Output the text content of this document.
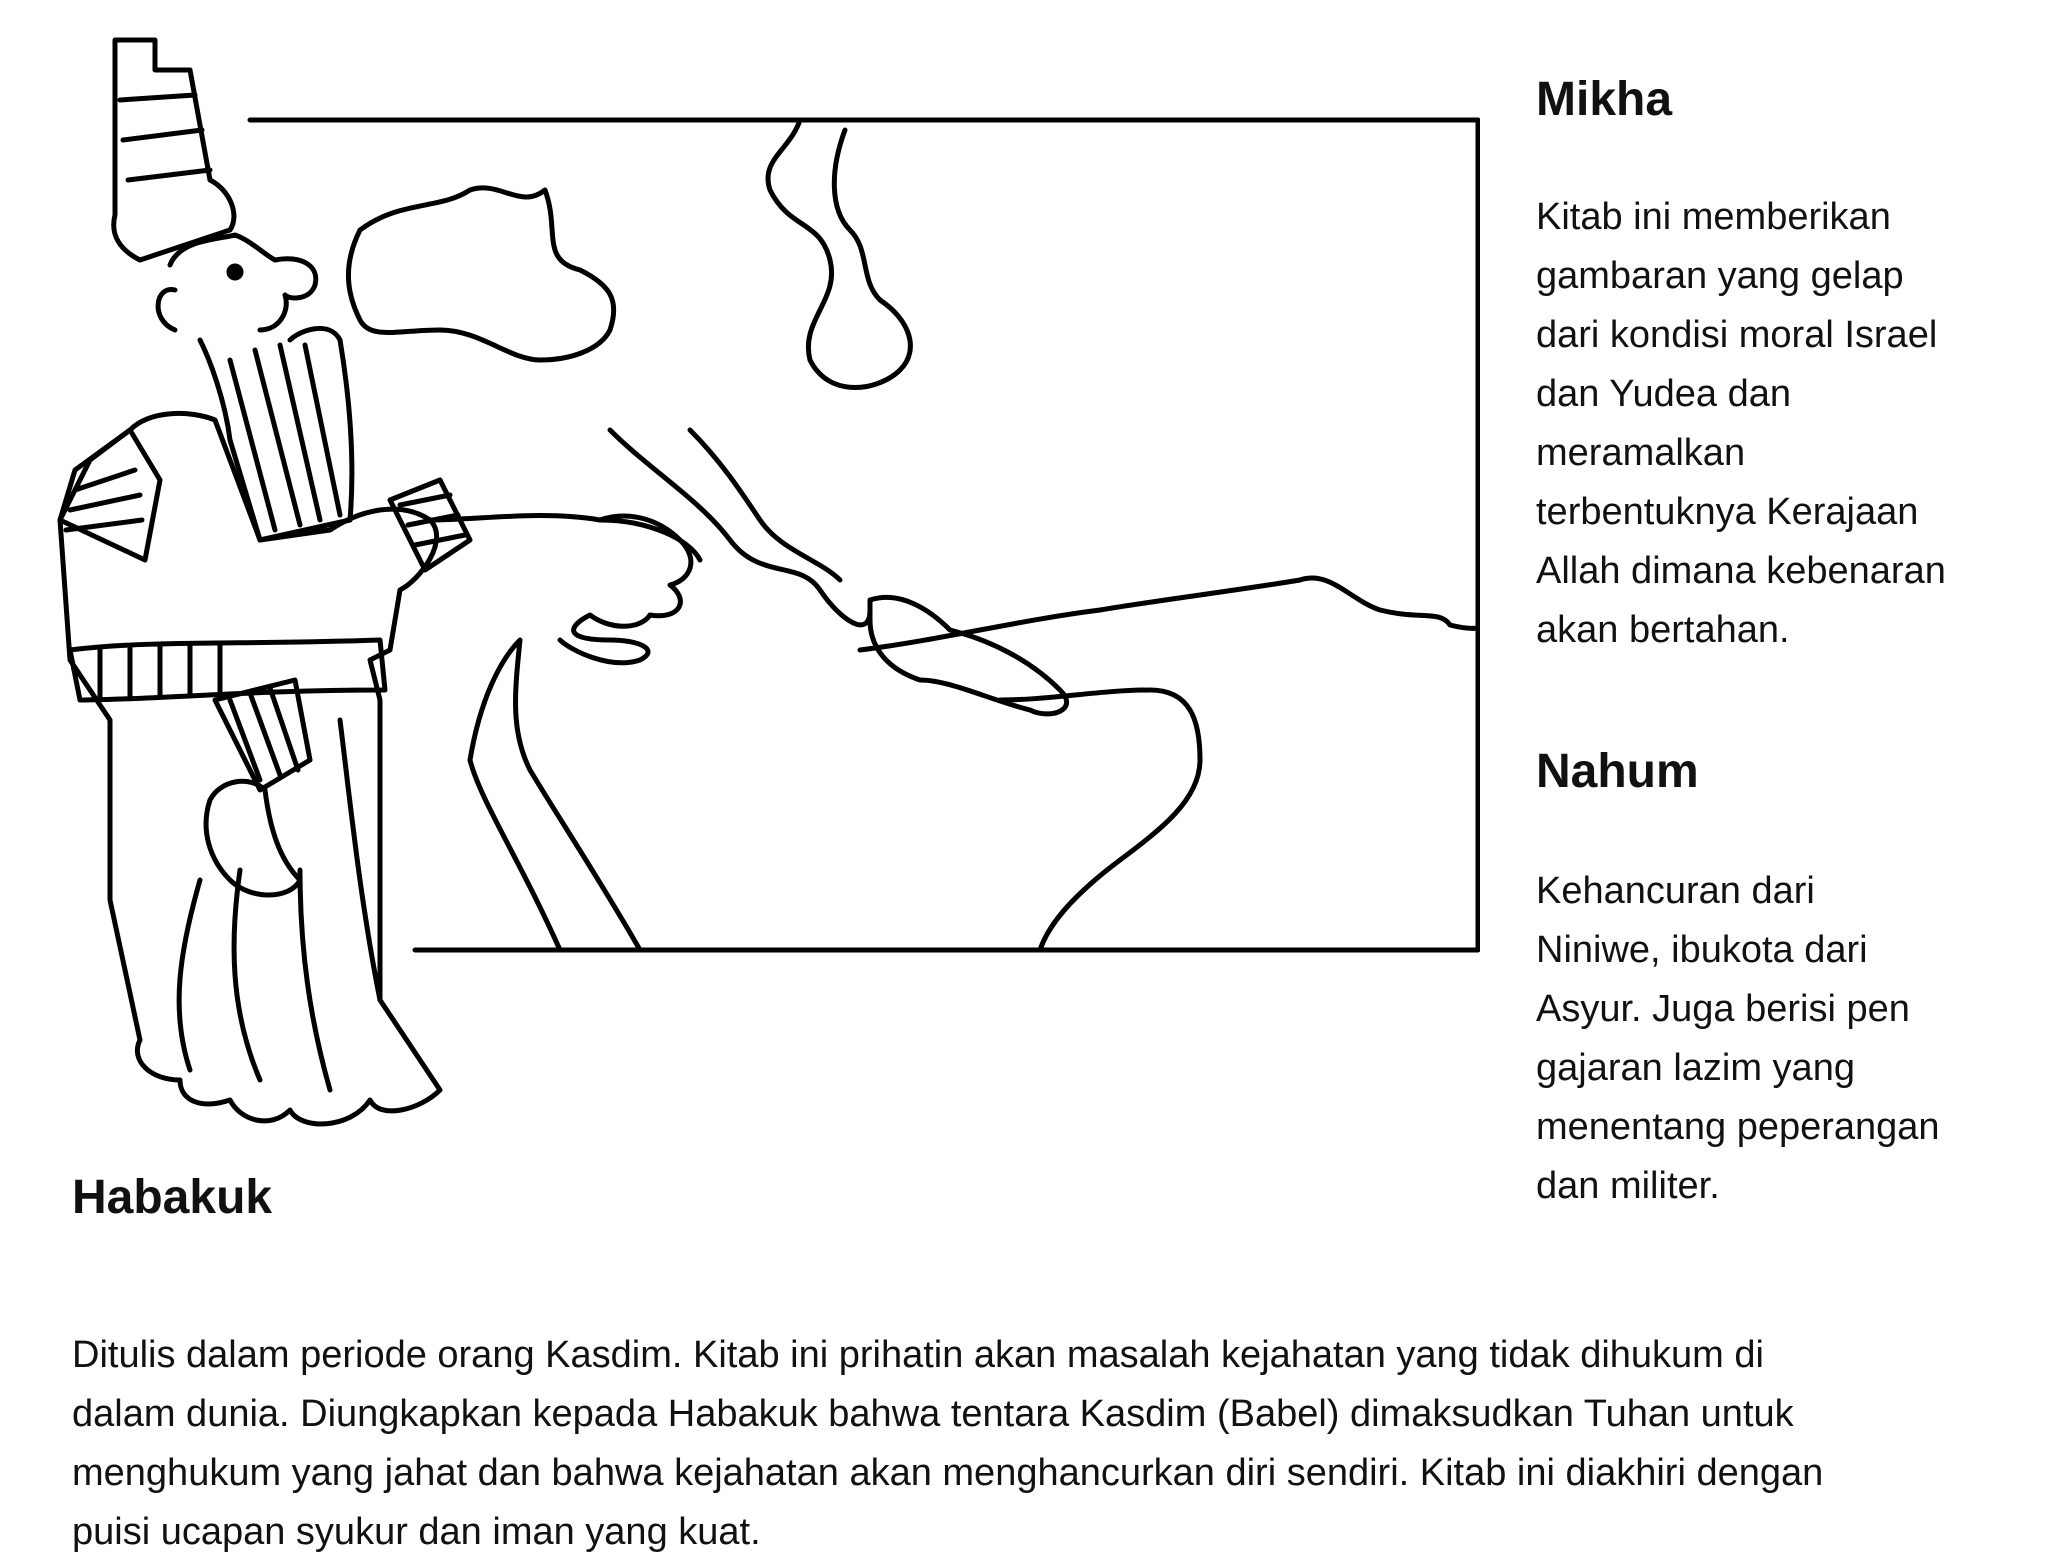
Mikha

Kitab ini memberikan
gambaran yang gelap
dari kondisi moral Israel
dan Yudea dan
meramalkan
terbentuknya Kerajaan
Allah dimana kebenaran
akan bertahan.

Nahum

Kehancuran dari
Niniwe, ibukota dari
Asyur. Juga berisi pen
gajaran lazim yang
menentang peperangan
dan militer.

Habakuk

Ditulis dalam periode orang Kasdim. Kitab ini prihatin akan masalah kejahatan yang tidak dihukum di
dalam dunia. Diungkapkan kepada Habakuk bahwa tentara Kasdim (Babel) dimaksudkan Tuhan untuk
menghukum yang jahat dan bahwa kejahatan akan menghancurkan diri sendiri. Kitab ini diakhiri dengan
puisi ucapan syukur dan iman yang kuat.
